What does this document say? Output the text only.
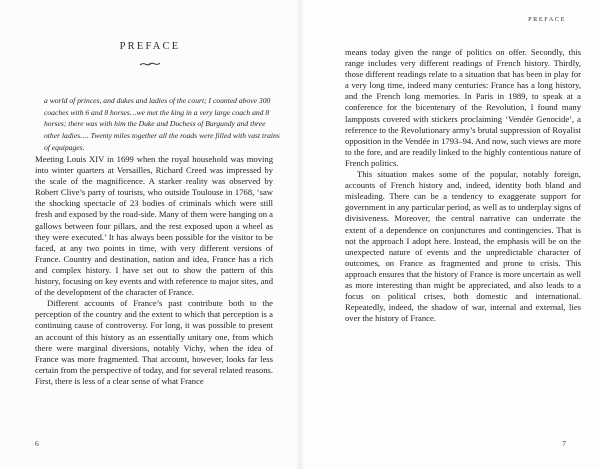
PREFACE

a world of princes, and dukes and ladies of the court; I counted above 300 coaches with 6 and 8 horses…we met the king in a very large coach and 8 horses; there was with him the Duke and Duchess of Burgundy and three other ladies…. Twenty miles together all the roads were filled with vast trains of equipages.

Meeting Louis XIV in 1699 when the royal household was moving into winter quarters at Versailles, Richard Creed was impressed by the scale of the magnificence. A starker reality was observed by Robert Clive’s party of tourists, who outside Toulouse in 1768, ‘saw the shocking spectacle of 23 bodies of criminals which were still fresh and exposed by the road-side. Many of them were hanging on a gallows between four pillars, and the rest exposed upon a wheel as they were executed.’ It has always been possible for the visitor to be faced, at any two points in time, with very different versions of France. Country and destination, nation and idea, France has a rich and complex history. I have set out to show the pattern of this history, focusing on key events and with reference to major sites, and of the development of the character of France.

Different accounts of France’s past contribute both to the perception of the country and the extent to which that perception is a continuing cause of controversy. For long, it was possible to present an account of this history as an essentially unitary one, from which there were marginal diversions, notably Vichy, when the idea of France was more fragmented. That account, however, looks far less certain from the perspective of today, and for several related reasons. First, there is less of a clear sense of what France

6
PREFACE

means today given the range of politics on offer. Secondly, this range includes very different readings of French history. Thirdly, those different readings relate to a situation that has been in play for a very long time, indeed many centuries: France has a long history, and the French long memories. In Paris in 1989, to speak at a conference for the bicentenary of the Revolution, I found many lampposts covered with stickers proclaiming ‘Vendée Genocide’, a reference to the Revolutionary army’s brutal suppression of Royalist opposition in the Vendée in 1793–94. And now, such views are more to the fore, and are readily linked to the highly contentious nature of French politics.

This situation makes some of the popular, notably foreign, accounts of French history and, indeed, identity both bland and misleading. There can be a tendency to exaggerate support for government in any particular period, as well as to underplay signs of divisiveness. Moreover, the central narrative can underrate the extent of a dependence on conjunctures and contingencies. That is not the approach I adopt here. Instead, the emphasis will be on the unexpected nature of events and the unpredictable character of outcomes, on France as fragmented and prone to crisis. This approach ensures that the history of France is more uncertain as well as more interesting than might be appreciated, and also leads to a focus on political crises, both domestic and international. Repeatedly, indeed, the shadow of war, internal and external, lies over the history of France.

7
